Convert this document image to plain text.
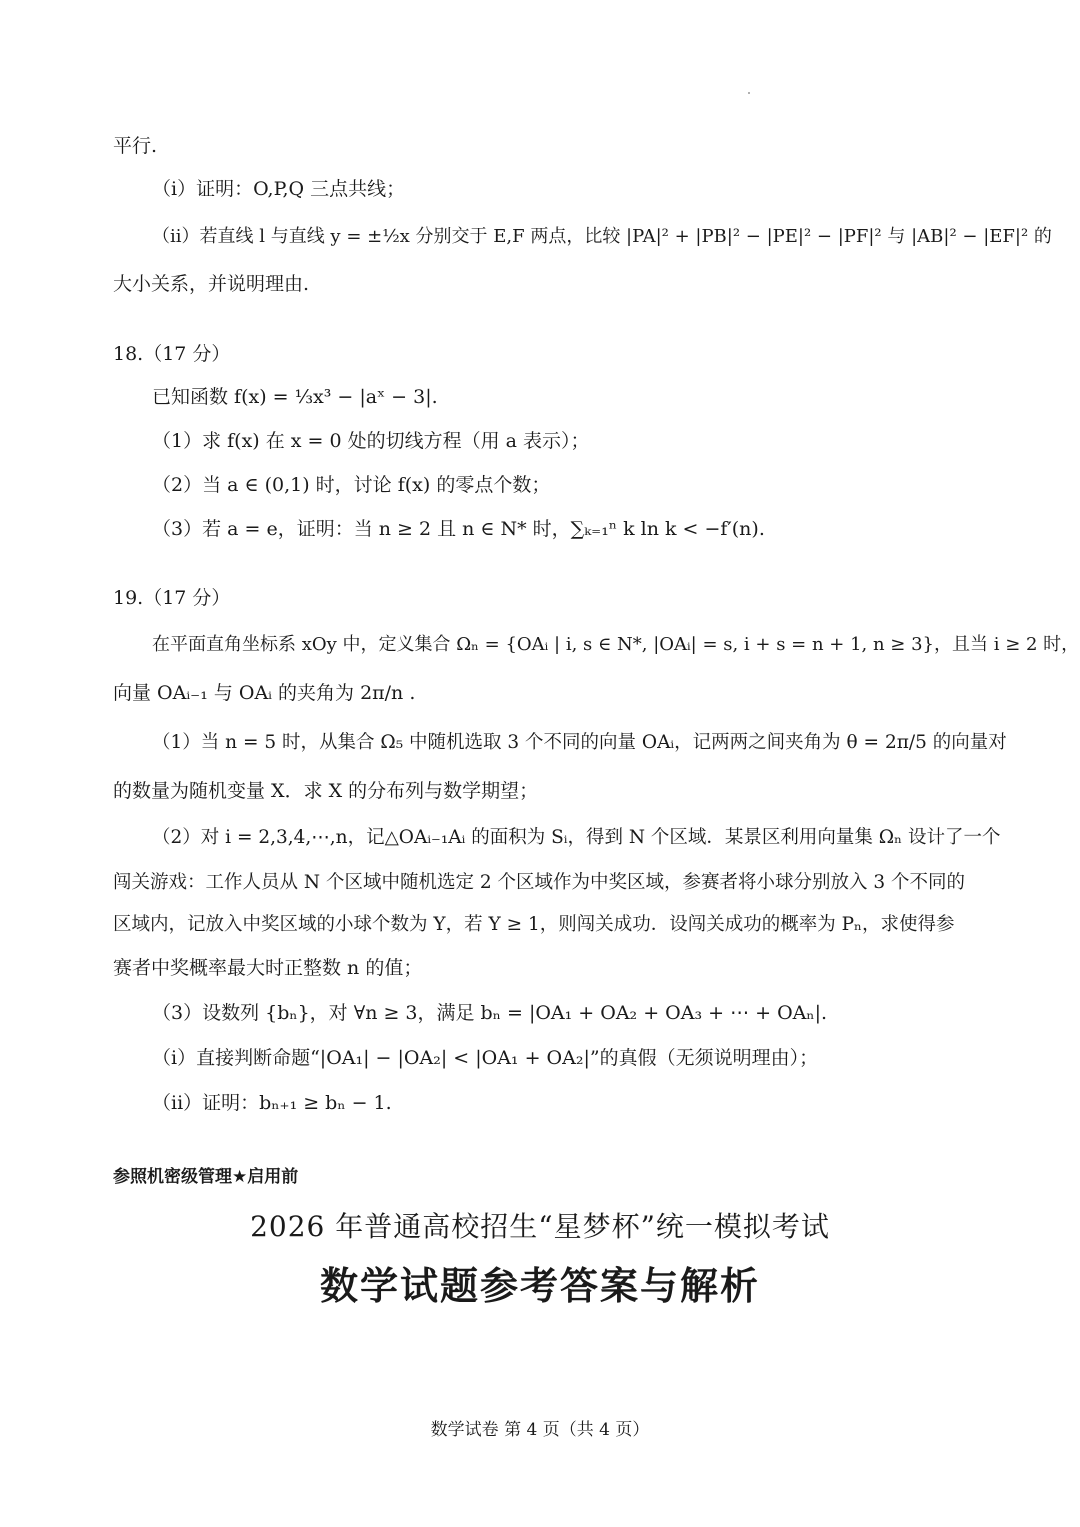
平行.
（i）证明：O,P,Q 三点共线；
（ii）若直线 l 与直线 y = ±½x 分别交于 E,F 两点，比较 |PA|² + |PB|² − |PE|² − |PF|² 与 |AB|² − |EF|² 的
大小关系，并说明理由.
18.（17 分）
已知函数 f(x) = ⅓x³ − |aˣ − 3|.
（1）求 f(x) 在 x = 0 处的切线方程（用 a 表示）；
（2）当 a ∈ (0,1) 时，讨论 f(x) 的零点个数；
（3）若 a = e，证明：当 n ≥ 2 且 n ∈ N* 时，∑ₖ₌₁ⁿ k ln k < −f′(n).
19.（17 分）
在平面直角坐标系 xOy 中，定义集合 Ωₙ = {OAᵢ | i, s ∈ N*, |OAᵢ| = s, i + s = n + 1, n ≥ 3}，且当 i ≥ 2 时，
向量 OAᵢ₋₁ 与 OAᵢ 的夹角为 2π/n .
（1）当 n = 5 时，从集合 Ω₅ 中随机选取 3 个不同的向量 OAᵢ，记两两之间夹角为 θ = 2π/5 的向量对
的数量为随机变量 X．求 X 的分布列与数学期望；
（2）对 i = 2,3,4,⋯,n，记△OAᵢ₋₁Aᵢ 的面积为 Sᵢ，得到 N 个区域．某景区利用向量集 Ωₙ 设计了一个
闯关游戏：工作人员从 N 个区域中随机选定 2 个区域作为中奖区域，参赛者将小球分别放入 3 个不同的
区域内，记放入中奖区域的小球个数为 Y，若 Y ≥ 1，则闯关成功．设闯关成功的概率为 Pₙ，求使得参
赛者中奖概率最大时正整数 n 的值；
（3）设数列 {bₙ}，对 ∀n ≥ 3，满足 bₙ = |OA₁ + OA₂ + OA₃ + ⋯ + OAₙ|.
（i）直接判断命题“|OA₁| − |OA₂| < |OA₁ + OA₂|”的真假（无须说明理由）；
（ii）证明：bₙ₊₁ ≥ bₙ − 1.
参照机密级管理★启用前
2026 年普通高校招生“星梦杯”统一模拟考试
数学试题参考答案与解析
数学试卷 第 4 页（共 4 页）
